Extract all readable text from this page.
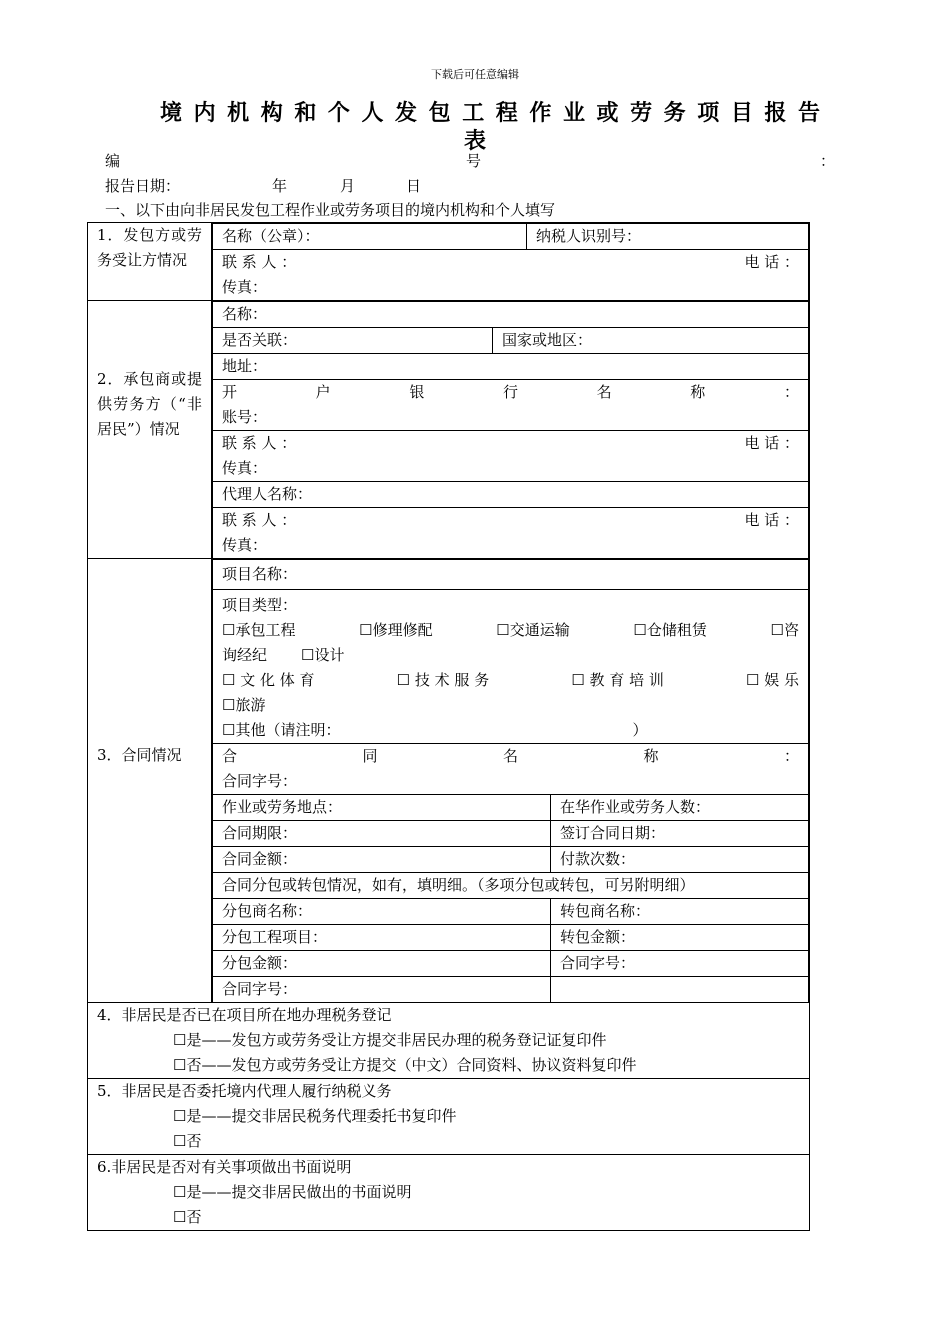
下载后可任意编辑
境内机构和个人发包工程作业或劳务项目报告
表
编	号	：
报告日期：	年	月	日
一、以下由向非居民发包工程作业或劳务项目的境内机构和个人填写
1．发包方或劳务受让方情况	
名称（公章）：	纳税人识别号：

联 系 人 ：	电 话 ：
传真：

2．承包商或提供劳务方（“非居民”）情况	
名称：
是否关联：	国家或地区：
地址：

开	户	银	行	名	称	：
账号：

联 系 人 ：	电 话 ：
传真：

代理人名称：

联 系 人 ：	电 话 ：
传真：

3．合同情况	
项目名称：

项目类型：
☐承包工程	☐修理修配	☐交通运输	☐仓储租赁	☐咨
询经纪 ☐设计
☐ 文 化 体 育	☐ 技 术 服 务	☐ 教 育 培 训	☐ 娱 乐
☐旅游
☐其他（请注明：	）

合	同	名	称	：
合同字号：

作业或劳务地点：	在华作业或劳务人数：
合同期限：	签订合同日期：
合同金额：	付款次数：
合同分包或转包情况，如有，填明细。（多项分包或转包，可另附明细）
分包商名称：	转包商名称：
分包工程项目：	转包金额：
分包金额：	合同字号：
合同字号：	

4．非居民是否已在项目所在地办理税务登记
☐是——发包方或劳务受让方提交非居民办理的税务登记证复印件
☐否——发包方或劳务受让方提交（中文）合同资料、协议资料复印件

5．非居民是否委托境内代理人履行纳税义务
☐是——提交非居民税务代理委托书复印件
☐否

6.非居民是否对有关事项做出书面说明
☐是——提交非居民做出的书面说明
☐否
